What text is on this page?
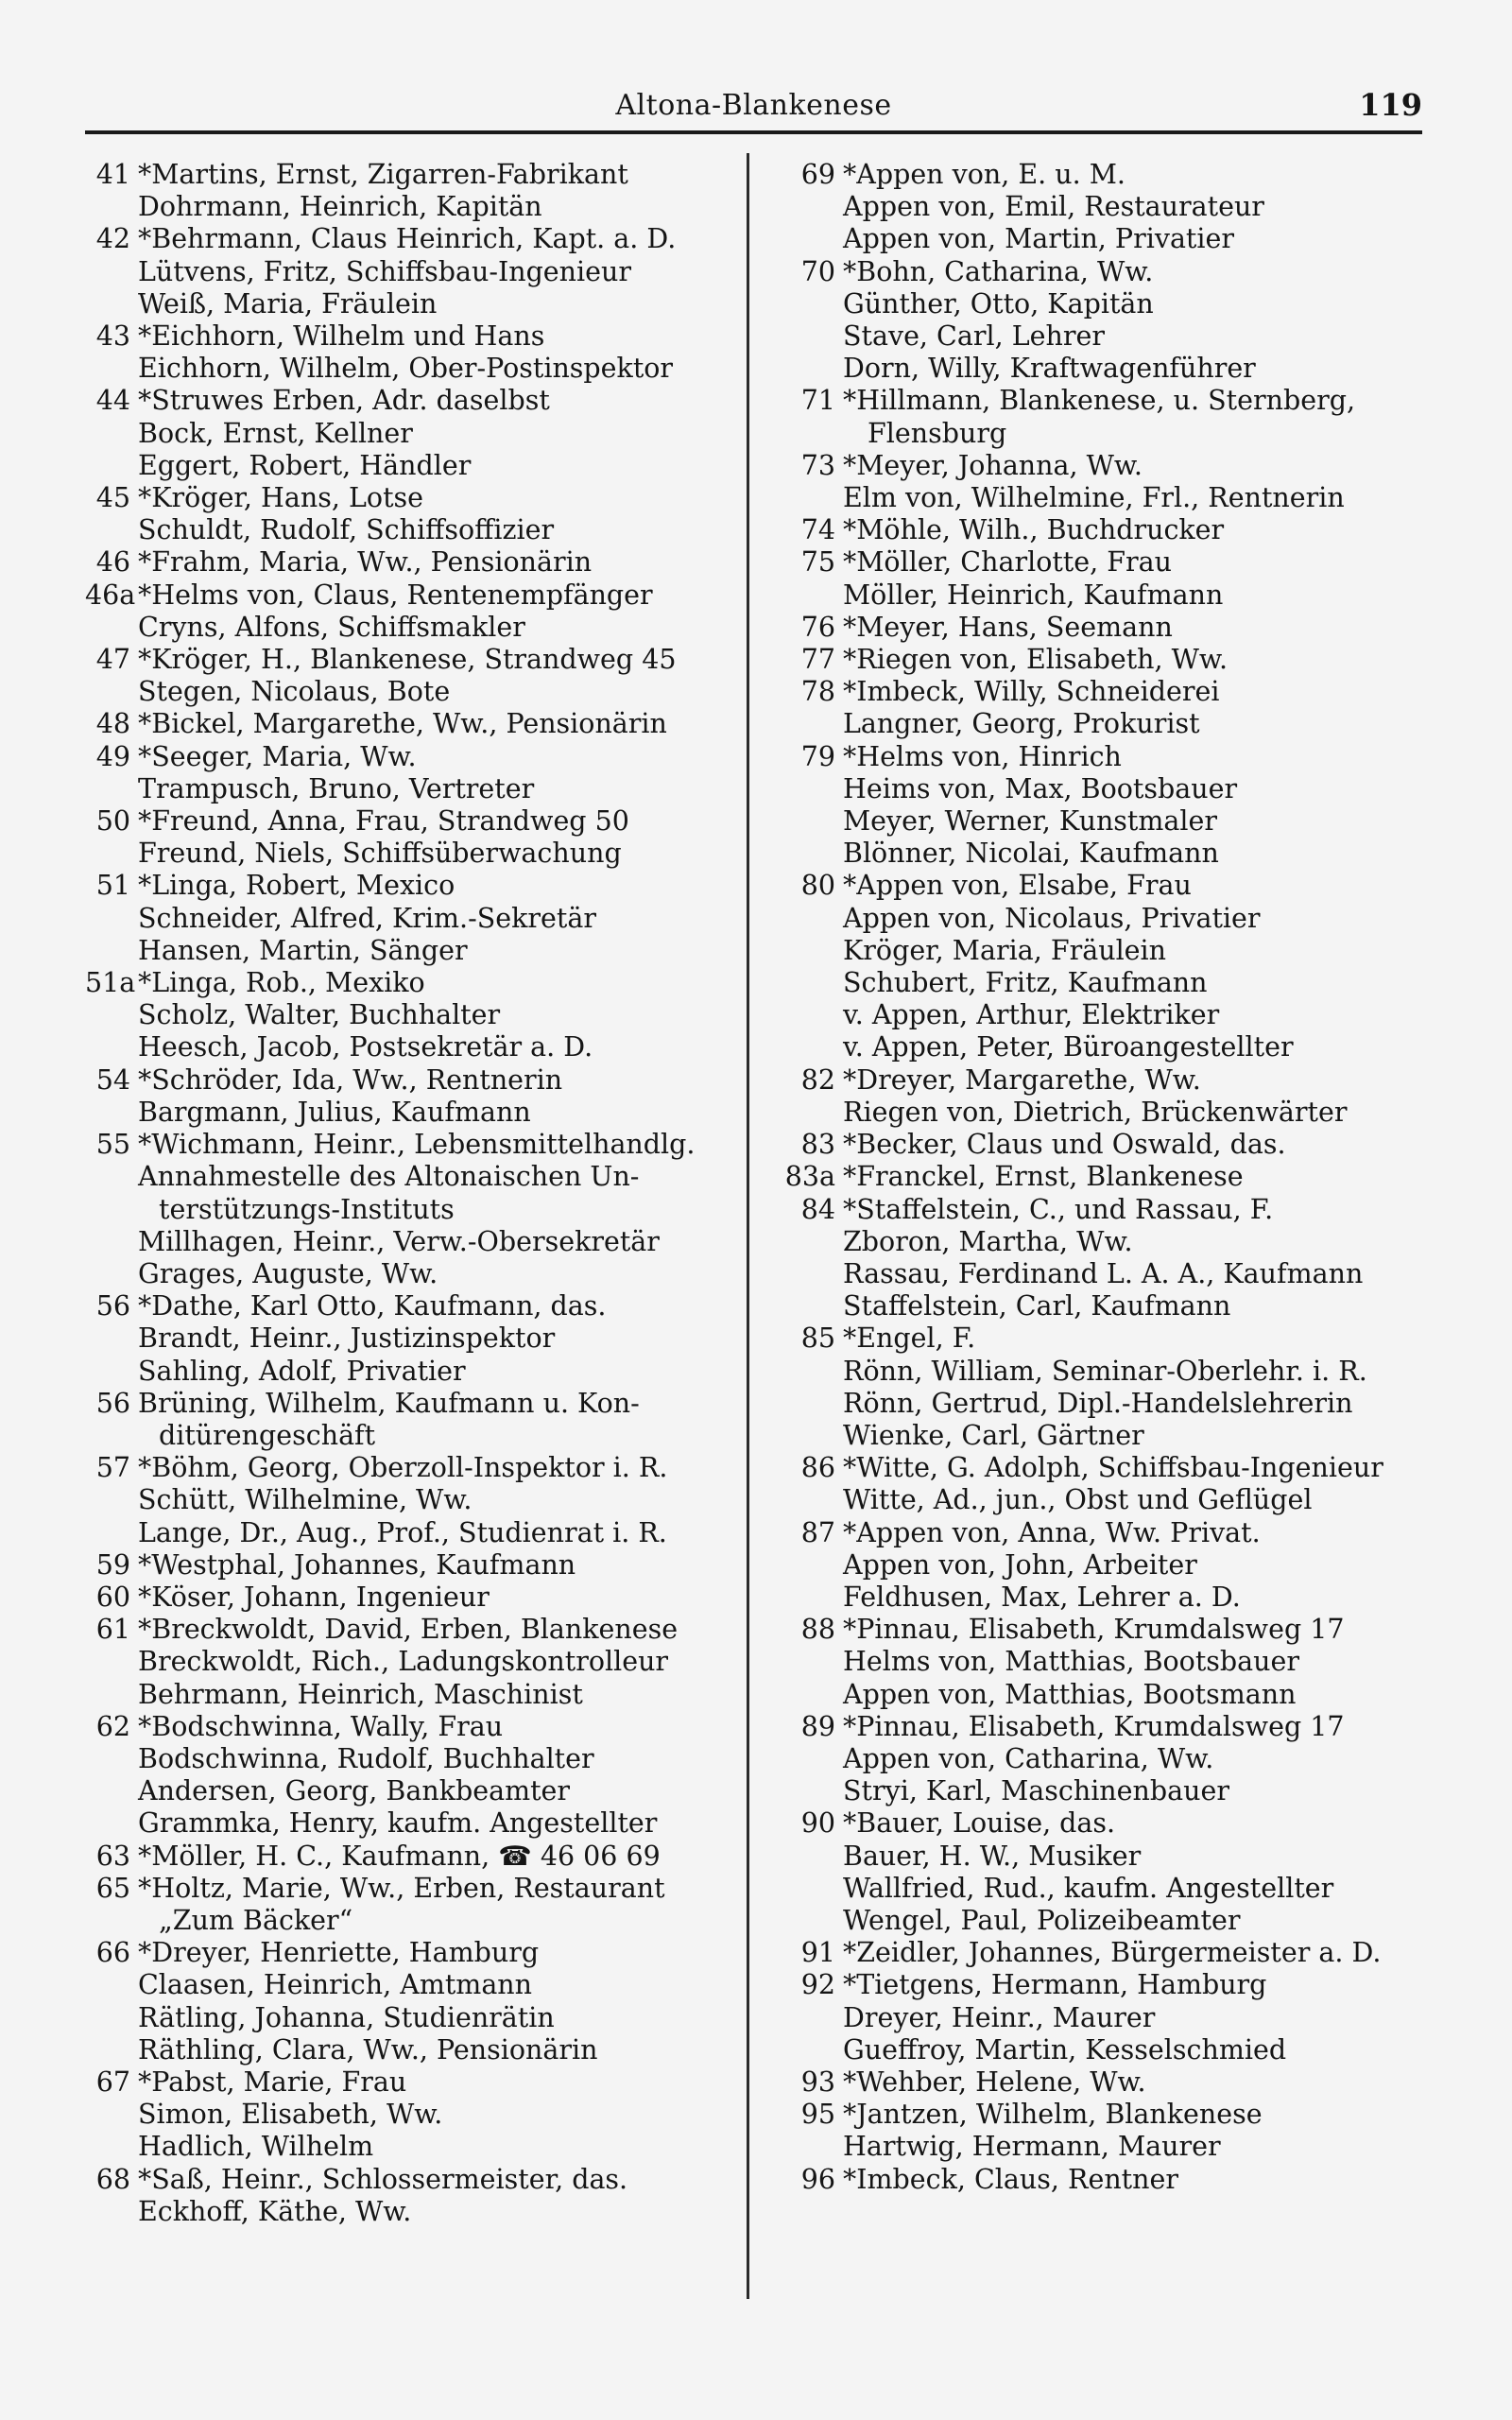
Altona-Blankenese	119
41 *Martins, Ernst, Zigarren-Fabrikant
Dohrmann, Heinrich, Kapitän
42 *Behrmann, Claus Heinrich, Kapt. a. D.
Lütvens, Fritz, Schiffsbau-Ingenieur
Weiß, Maria, Fräulein
43 *Eichhorn, Wilhelm und Hans
Eichhorn, Wilhelm, Ober-Postinspektor
44 *Struwes Erben, Adr. daselbst
Bock, Ernst, Kellner
Eggert, Robert, Händler
45 *Kröger, Hans, Lotse
Schuldt, Rudolf, Schiffsoffizier
46 *Frahm, Maria, Ww., Pensionärin
46a *Helms von, Claus, Rentenempfänger
Cryns, Alfons, Schiffsmakler
47 *Kröger, H., Blankenese, Strandweg 45
Stegen, Nicolaus, Bote
48 *Bickel, Margarethe, Ww., Pensionärin
49 *Seeger, Maria, Ww.
Trampusch, Bruno, Vertreter
50 *Freund, Anna, Frau, Strandweg 50
Freund, Niels, Schiffsüberwachung
51 *Linga, Robert, Mexico
Schneider, Alfred, Krim.-Sekretär
Hansen, Martin, Sänger
51a *Linga, Rob., Mexiko
Scholz, Walter, Buchhalter
Heesch, Jacob, Postsekretär a. D.
54 *Schröder, Ida, Ww., Rentnerin
Bargmann, Julius, Kaufmann
55 *Wichmann, Heinr., Lebensmittelhandlg.
Annahmestelle des Altonaischen Un-
terstützungs-Instituts
Millhagen, Heinr., Verw.-Obersekretär
Grages, Auguste, Ww.
56 *Dathe, Karl Otto, Kaufmann, das.
Brandt, Heinr., Justizinspektor
Sahling, Adolf, Privatier
56 Brüning, Wilhelm, Kaufmann u. Kon-
ditürengeschäft
57 *Böhm, Georg, Oberzoll-Inspektor i. R.
Schütt, Wilhelmine, Ww.
Lange, Dr., Aug., Prof., Studienrat i. R.
59 *Westphal, Johannes, Kaufmann
60 *Köser, Johann, Ingenieur
61 *Breckwoldt, David, Erben, Blankenese
Breckwoldt, Rich., Ladungskontrolleur
Behrmann, Heinrich, Maschinist
62 *Bodschwinna, Wally, Frau
Bodschwinna, Rudolf, Buchhalter
Andersen, Georg, Bankbeamter
Grammka, Henry, kaufm. Angestellter
63 *Möller, H. C., Kaufmann, ☎ 46 06 69
65 *Holtz, Marie, Ww., Erben, Restaurant
„Zum Bäcker“
66 *Dreyer, Henriette, Hamburg
Claasen, Heinrich, Amtmann
Rätling, Johanna, Studienrätin
Räthling, Clara, Ww., Pensionärin
67 *Pabst, Marie, Frau
Simon, Elisabeth, Ww.
Hadlich, Wilhelm
68 *Saß, Heinr., Schlossermeister, das.
Eckhoff, Käthe, Ww.
69 *Appen von, E. u. M.
Appen von, Emil, Restaurateur
Appen von, Martin, Privatier
70 *Bohn, Catharina, Ww.
Günther, Otto, Kapitän
Stave, Carl, Lehrer
Dorn, Willy, Kraftwagenführer
71 *Hillmann, Blankenese, u. Sternberg,
Flensburg
73 *Meyer, Johanna, Ww.
Elm von, Wilhelmine, Frl., Rentnerin
74 *Möhle, Wilh., Buchdrucker
75 *Möller, Charlotte, Frau
Möller, Heinrich, Kaufmann
76 *Meyer, Hans, Seemann
77 *Riegen von, Elisabeth, Ww.
78 *Imbeck, Willy, Schneiderei
Langner, Georg, Prokurist
79 *Helms von, Hinrich
Heims von, Max, Bootsbauer
Meyer, Werner, Kunstmaler
Blönner, Nicolai, Kaufmann
80 *Appen von, Elsabe, Frau
Appen von, Nicolaus, Privatier
Kröger, Maria, Fräulein
Schubert, Fritz, Kaufmann
v. Appen, Arthur, Elektriker
v. Appen, Peter, Büroangestellter
82 *Dreyer, Margarethe, Ww.
Riegen von, Dietrich, Brückenwärter
83 *Becker, Claus und Oswald, das.
83a *Franckel, Ernst, Blankenese
84 *Staffelstein, C., und Rassau, F.
Zboron, Martha, Ww.
Rassau, Ferdinand L. A. A., Kaufmann
Staffelstein, Carl, Kaufmann
85 *Engel, F.
Rönn, William, Seminar-Oberlehr. i. R.
Rönn, Gertrud, Dipl.-Handelslehrerin
Wienke, Carl, Gärtner
86 *Witte, G. Adolph, Schiffsbau-Ingenieur
Witte, Ad., jun., Obst und Geflügel
87 *Appen von, Anna, Ww. Privat.
Appen von, John, Arbeiter
Feldhusen, Max, Lehrer a. D.
88 *Pinnau, Elisabeth, Krumdalsweg 17
Helms von, Matthias, Bootsbauer
Appen von, Matthias, Bootsmann
89 *Pinnau, Elisabeth, Krumdalsweg 17
Appen von, Catharina, Ww.
Stryi, Karl, Maschinenbauer
90 *Bauer, Louise, das.
Bauer, H. W., Musiker
Wallfried, Rud., kaufm. Angestellter
Wengel, Paul, Polizeibeamter
91 *Zeidler, Johannes, Bürgermeister a. D.
92 *Tietgens, Hermann, Hamburg
Dreyer, Heinr., Maurer
Gueffroy, Martin, Kesselschmied
93 *Wehber, Helene, Ww.
95 *Jantzen, Wilhelm, Blankenese
Hartwig, Hermann, Maurer
96 *Imbeck, Claus, Rentner
